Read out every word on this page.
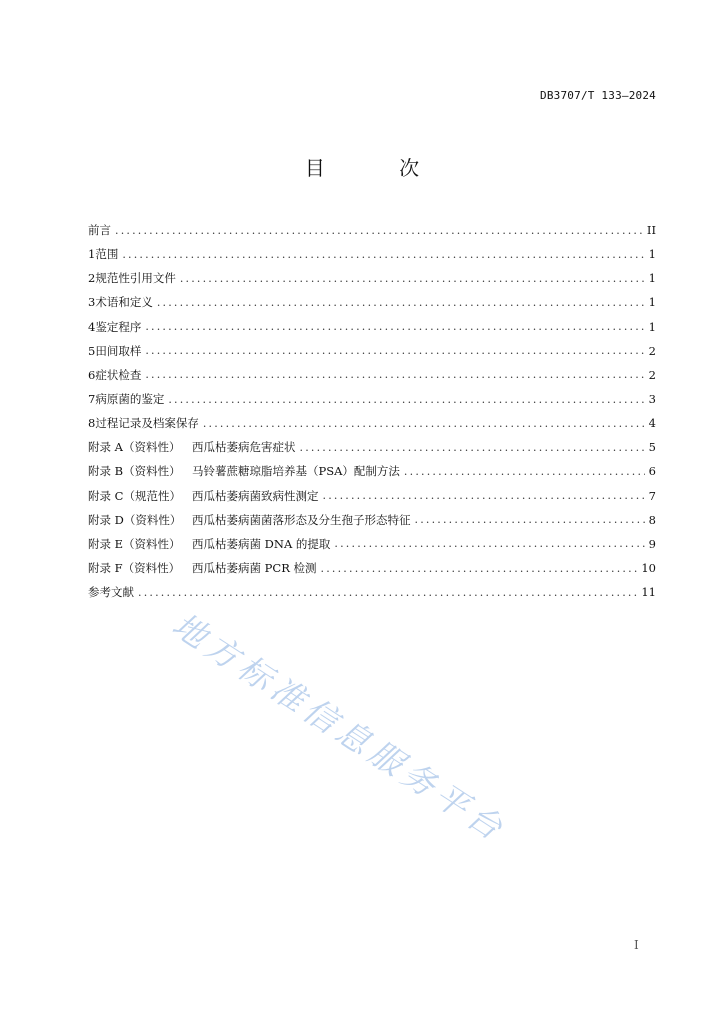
DB3707/T 133—2024
目 次
前言 .....	II
1 范围 .....	1
2 规范性引用文件 .....	1
3 术语和定义 .....	1
4 鉴定程序 .....	1
5 田间取样 .....	2
6 症状检查 .....	2
7 病原菌的鉴定 .....	3
8 过程记录及档案保存 .....	4
附录 A（资料性）	西瓜枯萎病危害症状 .....	5
附录 B（资料性） 马铃薯蔗糖琼脂培养基（PSA）配制方法 .....	6
附录 C（规范性） 西瓜枯萎病菌致病性测定 .....	7
附录 D（资料性） 西瓜枯萎病菌菌落形态及分生孢子形态特征 .....	8
附录 E（资料性） 西瓜枯萎病菌 DNA 的提取 .....	9
附录 F（资料性）	西瓜枯萎病菌 PCR 检测 .....	10
参考文献 .....	11
地方标准信息服务平台
I
